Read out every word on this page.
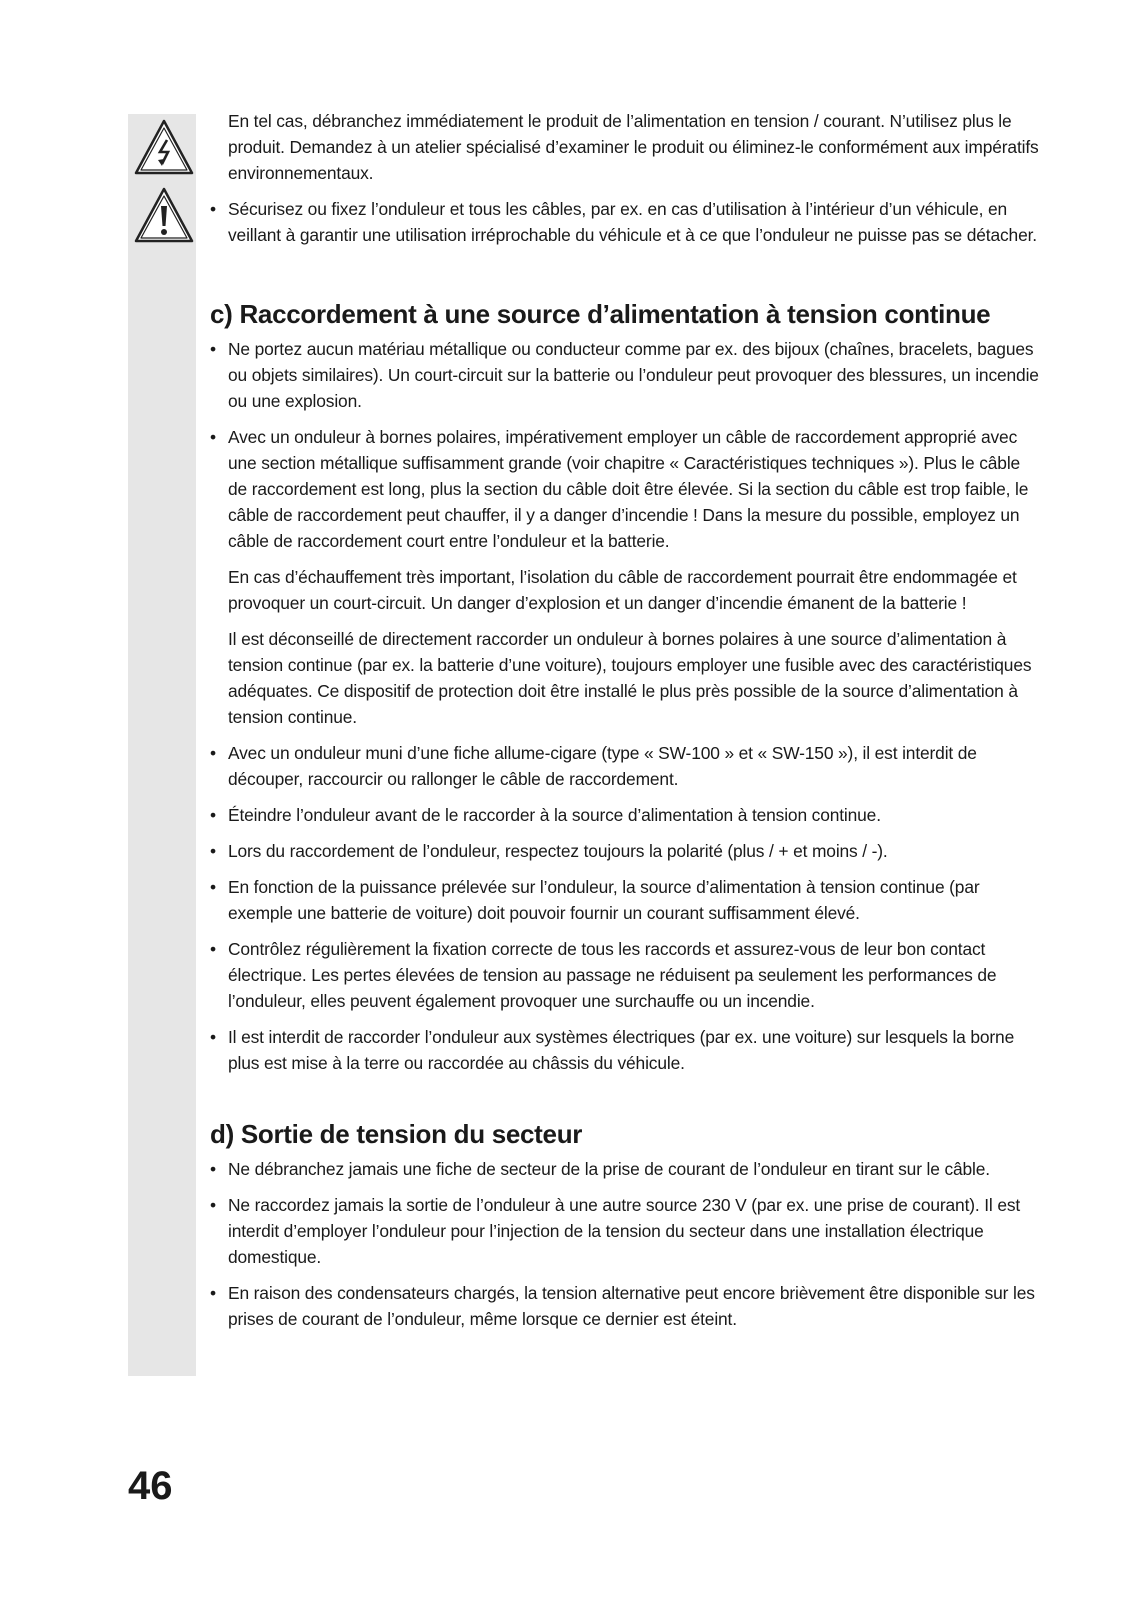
En tel cas, débranchez immédiatement le produit de l’alimentation en tension / courant. N’utilisez plus le produit. Demandez à un atelier spécialisé d’examiner le produit ou éliminez-le conformément aux impératifs environnementaux.

• Sécurisez ou fixez l’onduleur et tous les câbles, par ex. en cas d’utilisation à l’intérieur d’un véhicule, en veillant à garantir une utilisation irréprochable du véhicule et à ce que l’onduleur ne puisse pas se détacher.
c) Raccordement à une source d’alimentation à tension continue
• Ne portez aucun matériau métallique ou conducteur comme par ex. des bijoux (chaînes, bracelets, bagues ou objets similaires). Un court-circuit sur la batterie ou l’onduleur peut provoquer des blessures, un incendie ou une explosion.
• Avec un onduleur à bornes polaires, impérativement employer un câble de raccordement approprié avec une section métallique suffisamment grande (voir chapitre « Caractéristiques techniques »). Plus le câble de raccordement est long, plus la section du câble doit être élevée. Si la section du câble est trop faible, le câble de raccordement peut chauffer, il y a danger d’incendie ! Dans la mesure du possible, employez un câble de raccordement court entre l’onduleur et la batterie.
En cas d’échauffement très important, l’isolation du câble de raccordement pourrait être endommagée et provoquer un court-circuit. Un danger d’explosion et un danger d’incendie émanent de la batterie !
Il est déconseillé de directement raccorder un onduleur à bornes polaires à une source d’alimentation à tension continue (par ex. la batterie d’une voiture), toujours employer une fusible avec des caractéristiques adéquates. Ce dispositif de protection doit être installé le plus près possible de la source d’alimentation à tension continue.
• Avec un onduleur muni d’une fiche allume-cigare (type « SW-100 » et « SW-150 »), il est interdit de découper, raccourcir ou rallonger le câble de raccordement.
• Éteindre l’onduleur avant de le raccorder à la source d’alimentation à tension continue.
• Lors du raccordement de l’onduleur, respectez toujours la polarité (plus / + et moins / -).
• En fonction de la puissance prélevée sur l’onduleur, la source d’alimentation à tension continue (par exemple une batterie de voiture) doit pouvoir fournir un courant suffisamment élevé.
• Contrôlez régulièrement la fixation correcte de tous les raccords et assurez-vous de leur bon contact électrique. Les pertes élevées de tension au passage ne réduisent pa seulement les performances de l’onduleur, elles peuvent également provoquer une surchauffe ou un incendie.
• Il est interdit de raccorder l’onduleur aux systèmes électriques (par ex. une voiture) sur lesquels la borne plus est mise à la terre ou raccordée au châssis du véhicule.
d) Sortie de tension du secteur
• Ne débranchez jamais une fiche de secteur de la prise de courant de l’onduleur en tirant sur le câble.
• Ne raccordez jamais la sortie de l’onduleur à une autre source 230 V (par ex. une prise de courant). Il est interdit d’employer l’onduleur pour l’injection de la tension du secteur dans une installation électrique domestique.
• En raison des condensateurs chargés, la tension alternative peut encore brièvement être disponible sur les prises de courant de l’onduleur, même lorsque ce dernier est éteint.
46
